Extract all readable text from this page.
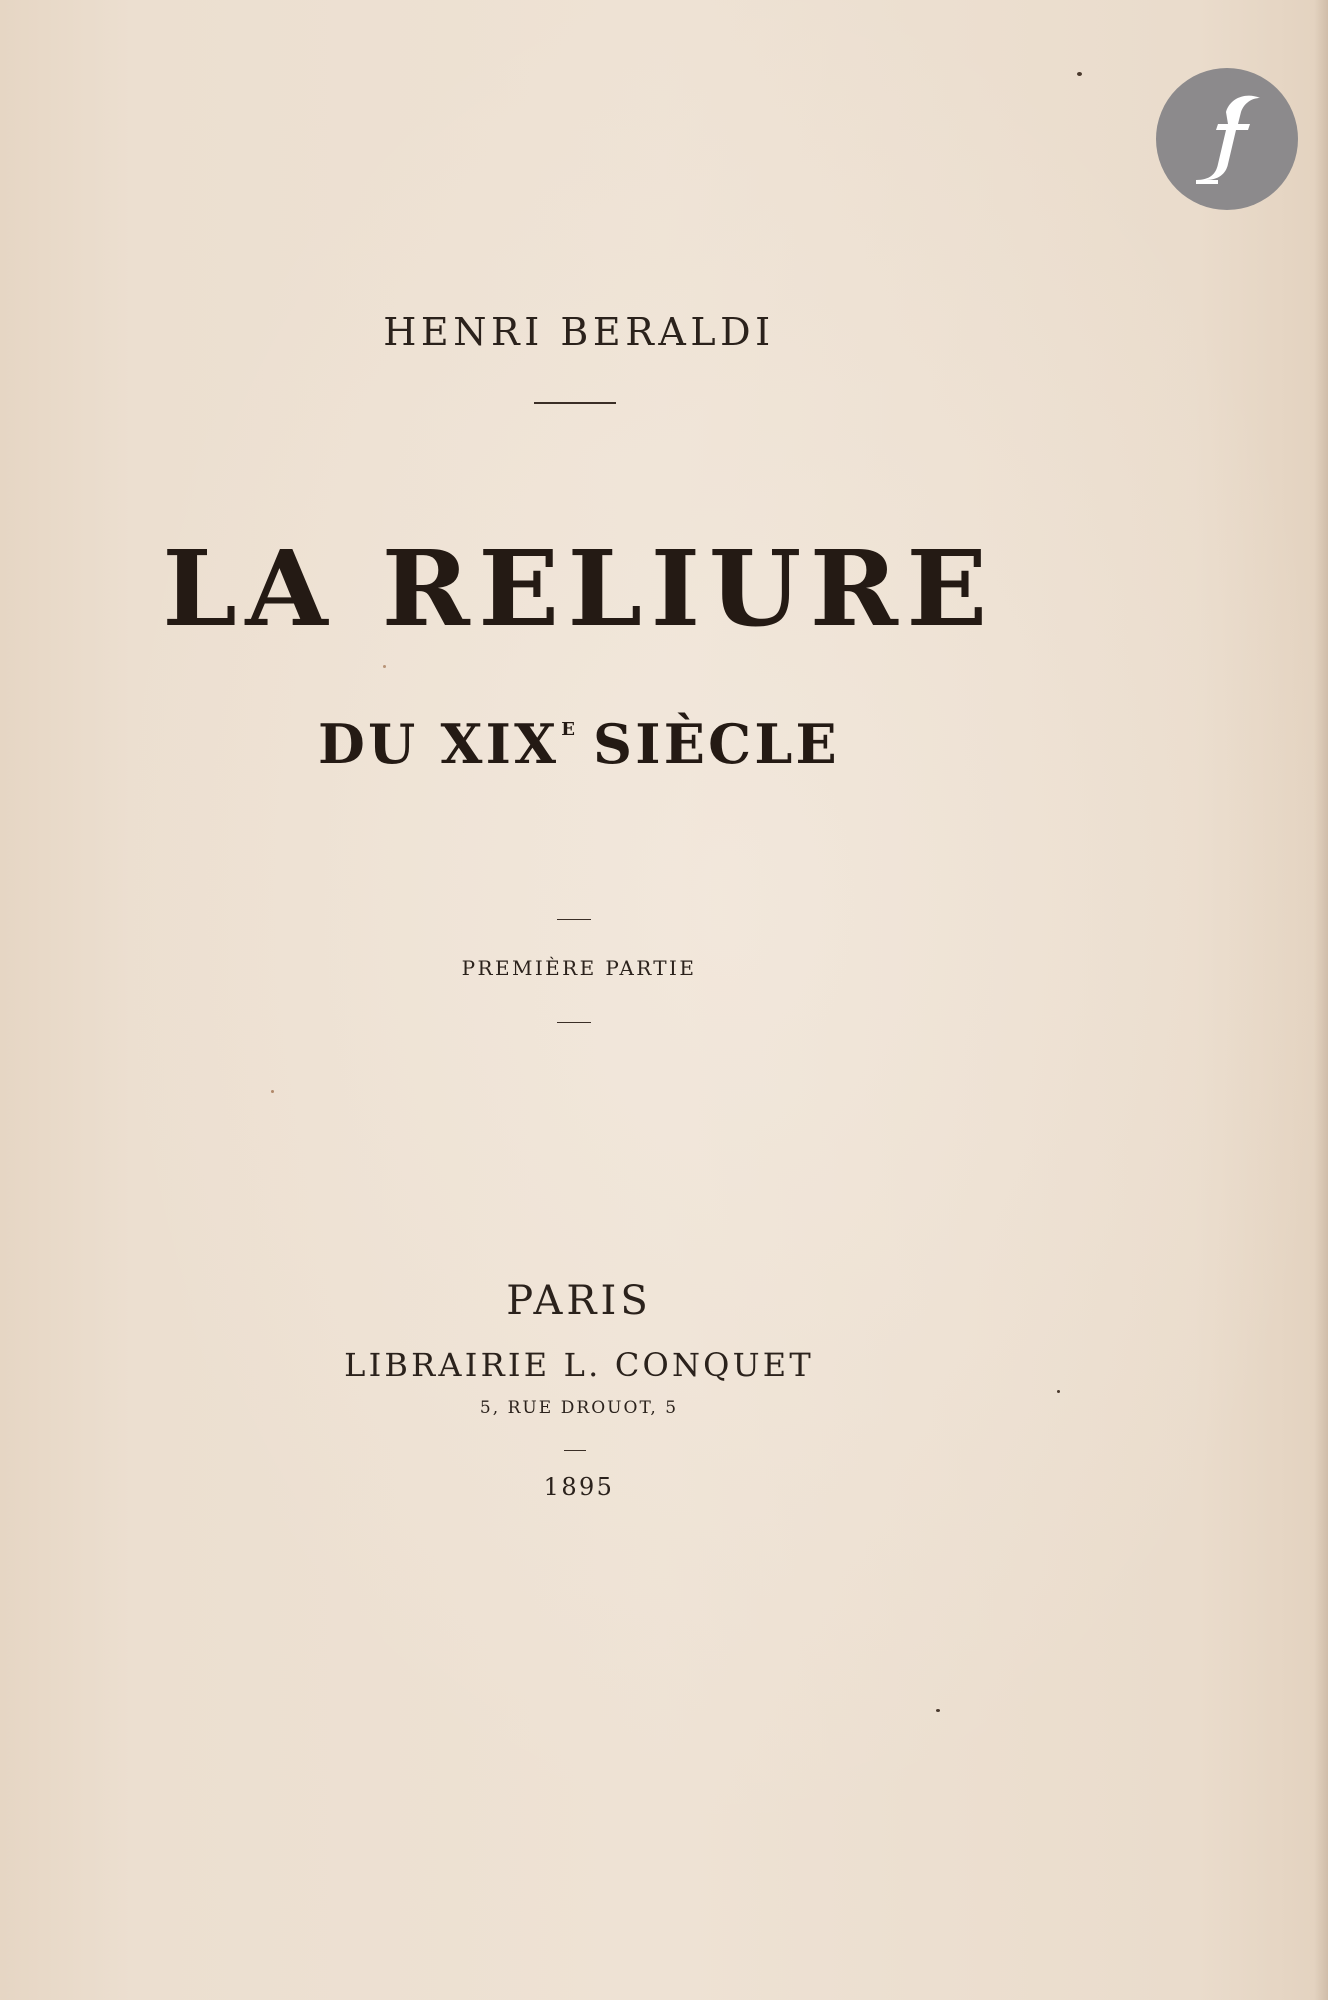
HENRI BERALDI
LA RELIURE
DU XIX $^E$ SIÈCLE
PREMIÈRE PARTIE
PARIS
LIBRAIRIE L. CONQUET
5, RUE DROUOT, 5
1895
